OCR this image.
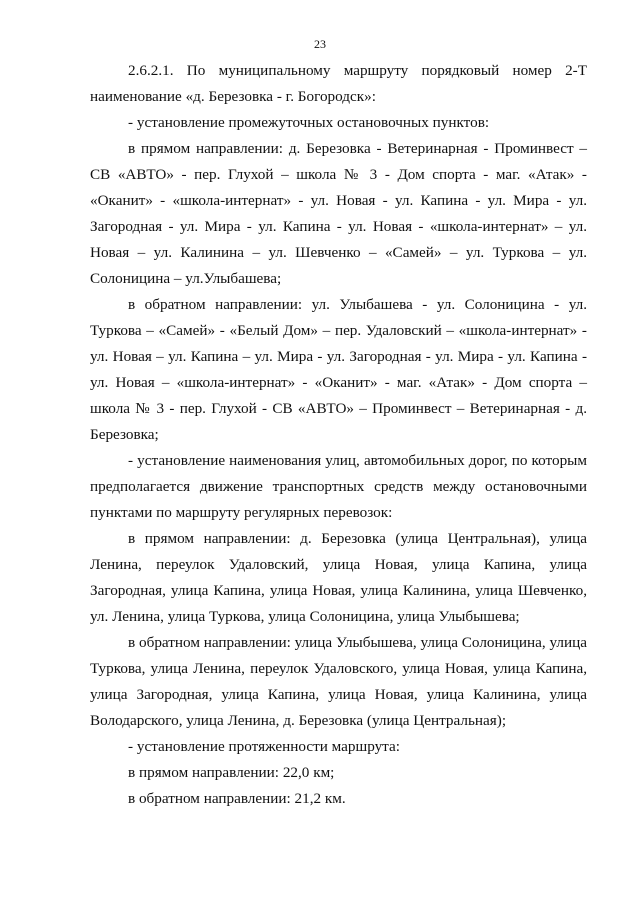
23

2.6.2.1. По муниципальному маршруту порядковый номер 2-Т наименование «д. Березовка - г. Богородск»:

- установление промежуточных остановочных пунктов:

в прямом направлении: д. Березовка - Ветеринарная - Проминвест – СВ «АВТО» - пер. Глухой – школа № 3 - Дом спорта - маг. «Атак» - «Оканит» - «школа-интернат» - ул. Новая - ул. Капина - ул. Мира - ул. Загородная - ул. Мира - ул. Капина - ул. Новая - «школа-интернат» – ул. Новая – ул. Калинина – ул. Шевченко – «Самей» – ул. Туркова – ул. Солоницина – ул.Улыбашева;

в обратном направлении: ул. Улыбашева - ул. Солоницина - ул. Туркова – «Самей» - «Белый Дом» – пер. Удаловский – «школа-интернат» - ул. Новая – ул. Капина – ул. Мира - ул. Загородная - ул. Мира - ул. Капина - ул. Новая – «школа-интернат» - «Оканит» - маг. «Атак» - Дом спорта – школа № 3 - пер. Глухой - СВ «АВТО» – Проминвест – Ветеринарная - д. Березовка;

- установление наименования улиц, автомобильных дорог, по которым предполагается движение транспортных средств между остановочными пунктами по маршруту регулярных перевозок:

в прямом направлении: д. Березовка (улица Центральная), улица Ленина, переулок Удаловский, улица Новая, улица Капина, улица Загородная, улица Капина, улица Новая, улица Калинина, улица Шевченко, ул. Ленина, улица Туркова, улица Солоницина, улица Улыбышева;

в обратном направлении: улица Улыбышева, улица Солоницина, улица Туркова, улица Ленина, переулок Удаловского, улица Новая, улица Капина, улица Загородная, улица Капина, улица Новая, улица Калинина, улица Володарского, улица Ленина, д. Березовка (улица Центральная);

- установление протяженности маршрута:

в прямом направлении: 22,0 км;

в обратном направлении: 21,2 км.
